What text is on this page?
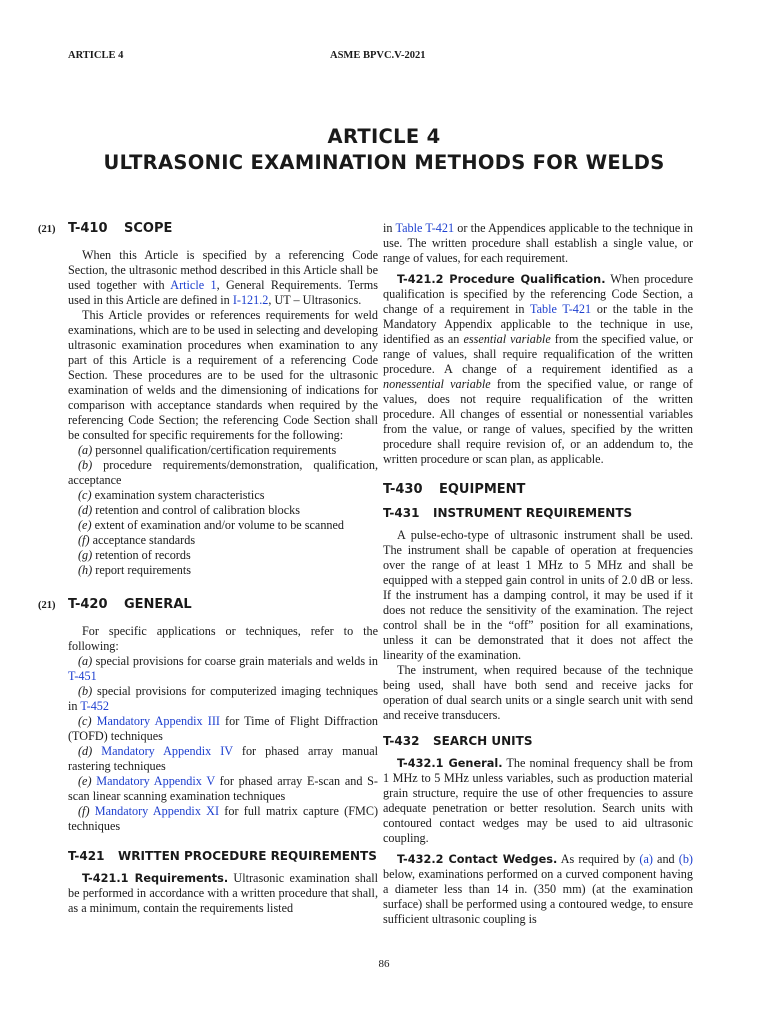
ARTICLE 4	ASME BPVC.V-2021
ARTICLE 4
ULTRASONIC EXAMINATION METHODS FOR WELDS
(21) T-410 SCOPE

When this Article is specified by a referencing Code Section, the ultrasonic method described in this Article shall be used together with Article 1, General Requirements. Terms used in this Article are defined in I-121.2, UT – Ultrasonics.

This Article provides or references requirements for weld examinations, which are to be used in selecting and developing ultrasonic examination procedures when examination to any part of this Article is a requirement of a referencing Code Section. These procedures are to be used for the ultrasonic examination of welds and the dimensioning of indications for comparison with acceptance standards when required by the referencing Code Section; the referencing Code Section shall be consulted for specific requirements for the following:

(a) personnel qualification/certification requirements

(b) procedure requirements/demonstration, qualification, acceptance

(c) examination system characteristics

(d) retention and control of calibration blocks

(e) extent of examination and/or volume to be scanned

(f) acceptance standards

(g) retention of records

(h) report requirements

(21) T-420 GENERAL

For specific applications or techniques, refer to the following:

(a) special provisions for coarse grain materials and welds in T-451

(b) special provisions for computerized imaging techniques in T-452

(c) Mandatory Appendix III for Time of Flight Diffraction (TOFD) techniques

(d) Mandatory Appendix IV for phased array manual rastering techniques

(e) Mandatory Appendix V for phased array E-scan and S-scan linear scanning examination techniques

(f) Mandatory Appendix XI for full matrix capture (FMC) techniques

T-421 WRITTEN PROCEDURE REQUIREMENTS

T-421.1 Requirements. Ultrasonic examination shall be performed in accordance with a written procedure that shall, as a minimum, contain the requirements listed

in Table T-421 or the Appendices applicable to the technique in use. The written procedure shall establish a single value, or range of values, for each requirement.

T-421.2 Procedure Qualification. When procedure qualification is specified by the referencing Code Section, a change of a requirement in Table T-421 or the table in the Mandatory Appendix applicable to the technique in use, identified as an essential variable from the specified value, or range of values, shall require requalification of the written procedure. A change of a requirement identified as a nonessential variable from the specified value, or range of values, does not require requalification of the written procedure. All changes of essential or nonessential variables from the value, or range of values, specified by the written procedure shall require revision of, or an addendum to, the written procedure or scan plan, as applicable.

T-430 EQUIPMENT
T-431 INSTRUMENT REQUIREMENTS

A pulse-echo-type of ultrasonic instrument shall be used. The instrument shall be capable of operation at frequencies over the range of at least 1 MHz to 5 MHz and shall be equipped with a stepped gain control in units of 2.0 dB or less. If the instrument has a damping control, it may be used if it does not reduce the sensitivity of the examination. The reject control shall be in the “off” position for all examinations, unless it can be demonstrated that it does not affect the linearity of the examination.

The instrument, when required because of the technique being used, shall have both send and receive jacks for operation of dual search units or a single search unit with send and receive transducers.

T-432 SEARCH UNITS

T-432.1 General. The nominal frequency shall be from 1 MHz to 5 MHz unless variables, such as production material grain structure, require the use of other frequencies to assure adequate penetration or better resolution. Search units with contoured contact wedges may be used to aid ultrasonic coupling.

T-432.2 Contact Wedges. As required by (a) and (b) below, examinations performed on a curved component having a diameter less than 14 in. (350 mm) (at the examination surface) shall be performed using a contoured wedge, to ensure sufficient ultrasonic coupling is

86
